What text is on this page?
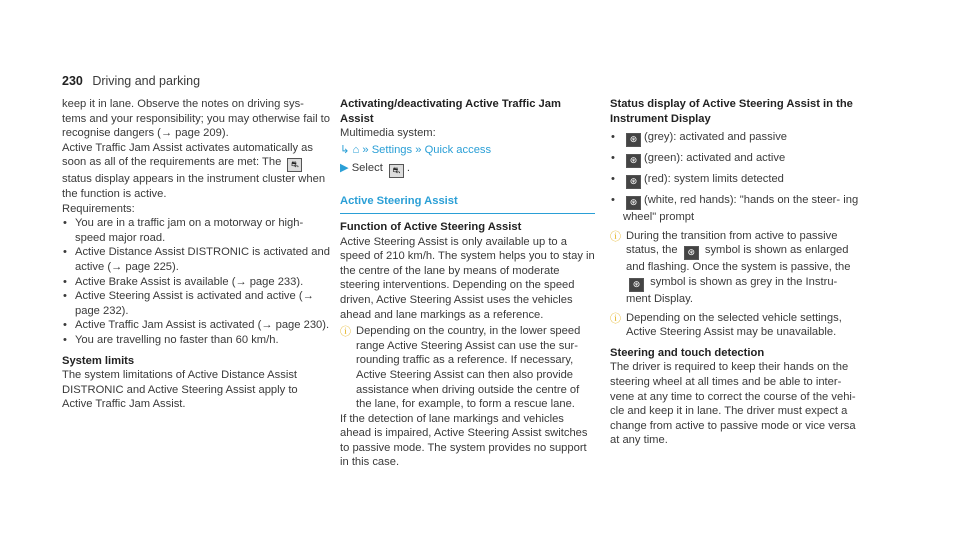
230 Driving and parking

keep it in lane. Observe the notes on driving sys- tems and your responsibility; you may otherwise fail to recognise dangers (→ page 209).

Active Traffic Jam Assist activates automatically as soon as all of the requirements are met: The ⛐ status display appears in the instrument cluster when the function is active.

Requirements:

• You are in a traffic jam on a motorway or high- speed major road.
• Active Distance Assist DISTRONIC is activated and active (→ page 225).
• Active Brake Assist is available (→ page 233).
• Active Steering Assist is activated and active (→ page 232).
• Active Traffic Jam Assist is activated (→ page 230).
• You are travelling no faster than 60 km/h.

System limits

The system limitations of Active Distance Assist DISTRONIC and Active Steering Assist apply to Active Traffic Jam Assist.

Activating/deactivating Active Traffic Jam Assist

Multimedia system:

↳ ⌂ » Settings » Quick access

▶ Select ⛐ .

Active Steering Assist

Function of Active Steering Assist

Active Steering Assist is only available up to a speed of 210 km/h. The system helps you to stay in the centre of the lane by means of moderate steering interventions. Depending on the speed driven, Active Steering Assist uses the vehicles ahead and lane markings as a reference.

ⓘ Depending on the country, in the lower speed range Active Steering Assist can use the sur- rounding traffic as a reference. If necessary, Active Steering Assist can then also provide assistance when driving outside the centre of the lane, for example, to form a rescue lane.

If the detection of lane markings and vehicles ahead is impaired, Active Steering Assist switches to passive mode. The system provides no support in this case.

Status display of Active Steering Assist in the Instrument Display

• ⊛ (grey): activated and passive
• ⊛ (green): activated and active
• ⊛ (red): system limits detected
• ⊛ (white, red hands): "hands on the steer- ing wheel" prompt
ⓘ During the transition from active to passive status, the ⊛ symbol is shown as enlarged and flashing. Once the system is passive, the ⊛ symbol is shown as grey in the Instru- ment Display.
ⓘ Depending on the selected vehicle settings, Active Steering Assist may be unavailable.

Steering and touch detection

The driver is required to keep their hands on the steering wheel at all times and be able to inter- vene at any time to correct the course of the vehi- cle and keep it in lane. The driver must expect a change from active to passive mode or vice versa at any time.
